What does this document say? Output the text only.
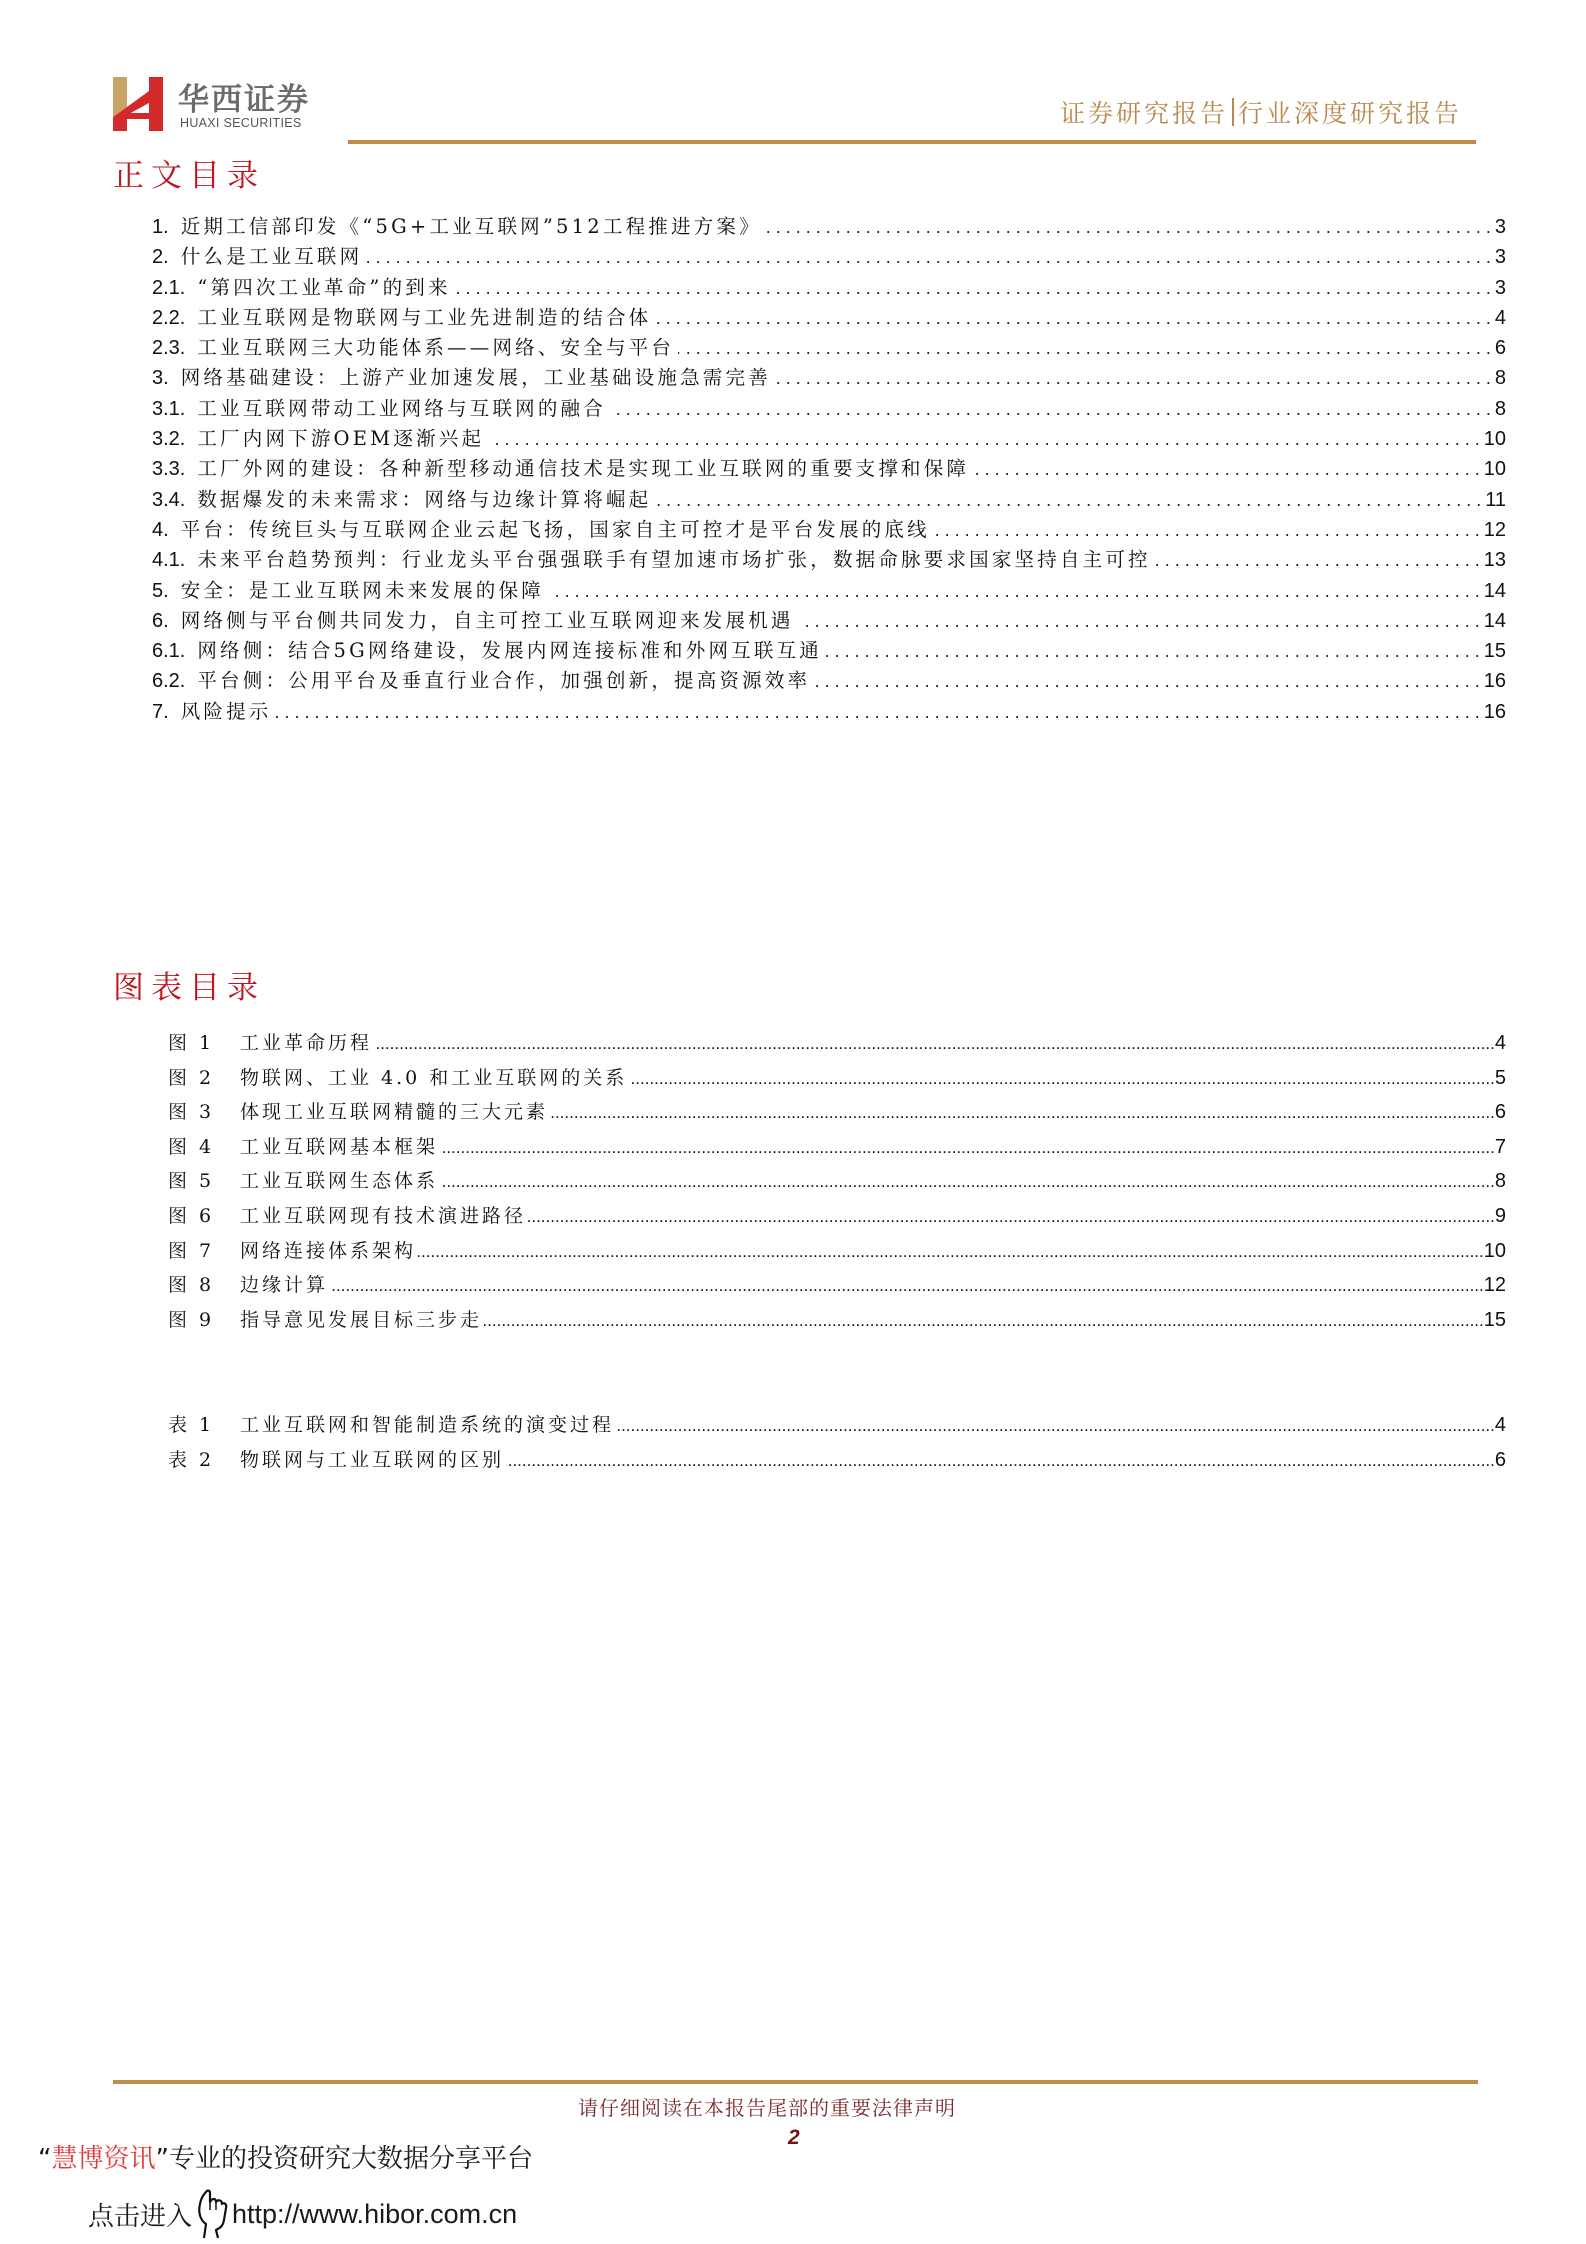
华西证券
HUAXI SECURITIES	证券研究报告 行业深度研究报告
正文目录
1. 近期工信部印发《“5G+工业互联网”512工程推进方案》 . . .	3
2. 什么是工业互联网 . . .	3
2.1. “第四次工业革命”的到来 . . .	3
2.2. 工业互联网是物联网与工业先进制造的结合体 . . .	4
2.3. 工业互联网三大功能体系——网络、安全与平台 . . .	6
3. 网络基础建设：上游产业加速发展，工业基础设施急需完善 . . .	8
3.1. 工业互联网带动工业网络与互联网的融合 . . .	8
3.2. 工厂内网下游OEM逐渐兴起 . . .	10
3.3. 工厂外网的建设：各种新型移动通信技术是实现工业互联网的重要支撑和保障 . . .	10
3.4. 数据爆发的未来需求：网络与边缘计算将崛起 . . .	11
4. 平台：传统巨头与互联网企业云起飞扬，国家自主可控才是平台发展的底线 . . .	12
4.1. 未来平台趋势预判：行业龙头平台强强联手有望加速市场扩张，数据命脉要求国家坚持自主可控 . . .	13
5. 安全：是工业互联网未来发展的保障 . . .	14
6. 网络侧与平台侧共同发力，自主可控工业互联网迎来发展机遇 . . .	14
6.1. 网络侧：结合5G网络建设，发展内网连接标准和外网互联互通 . . .	15
6.2. 平台侧：公用平台及垂直行业合作，加强创新，提高资源效率 . . .	16
7. 风险提示 . . .	16
图表目录
图 1	工业革命历程 .....	4
图 2	物联网、工业 4.0 和工业互联网的关系 .....	5
图 3	体现工业互联网精髓的三大元素 .....	6
图 4	工业互联网基本框架 .....	7
图 5	工业互联网生态体系 .....	8
图 6	工业互联网现有技术演进路径 .....	9
图 7	网络连接体系架构 .....	10
图 8	边缘计算 .....	12
图 9	指导意见发展目标三步走 .....	15
表 1	工业互联网和智能制造系统的演变过程 .....	4
表 2	物联网与工业互联网的区别 .....	6
请仔细阅读在本报告尾部的重要法律声明
2
“慧博资讯”专业的投资研究大数据分享平台
点击进入 http://www.hibor.com.cn
